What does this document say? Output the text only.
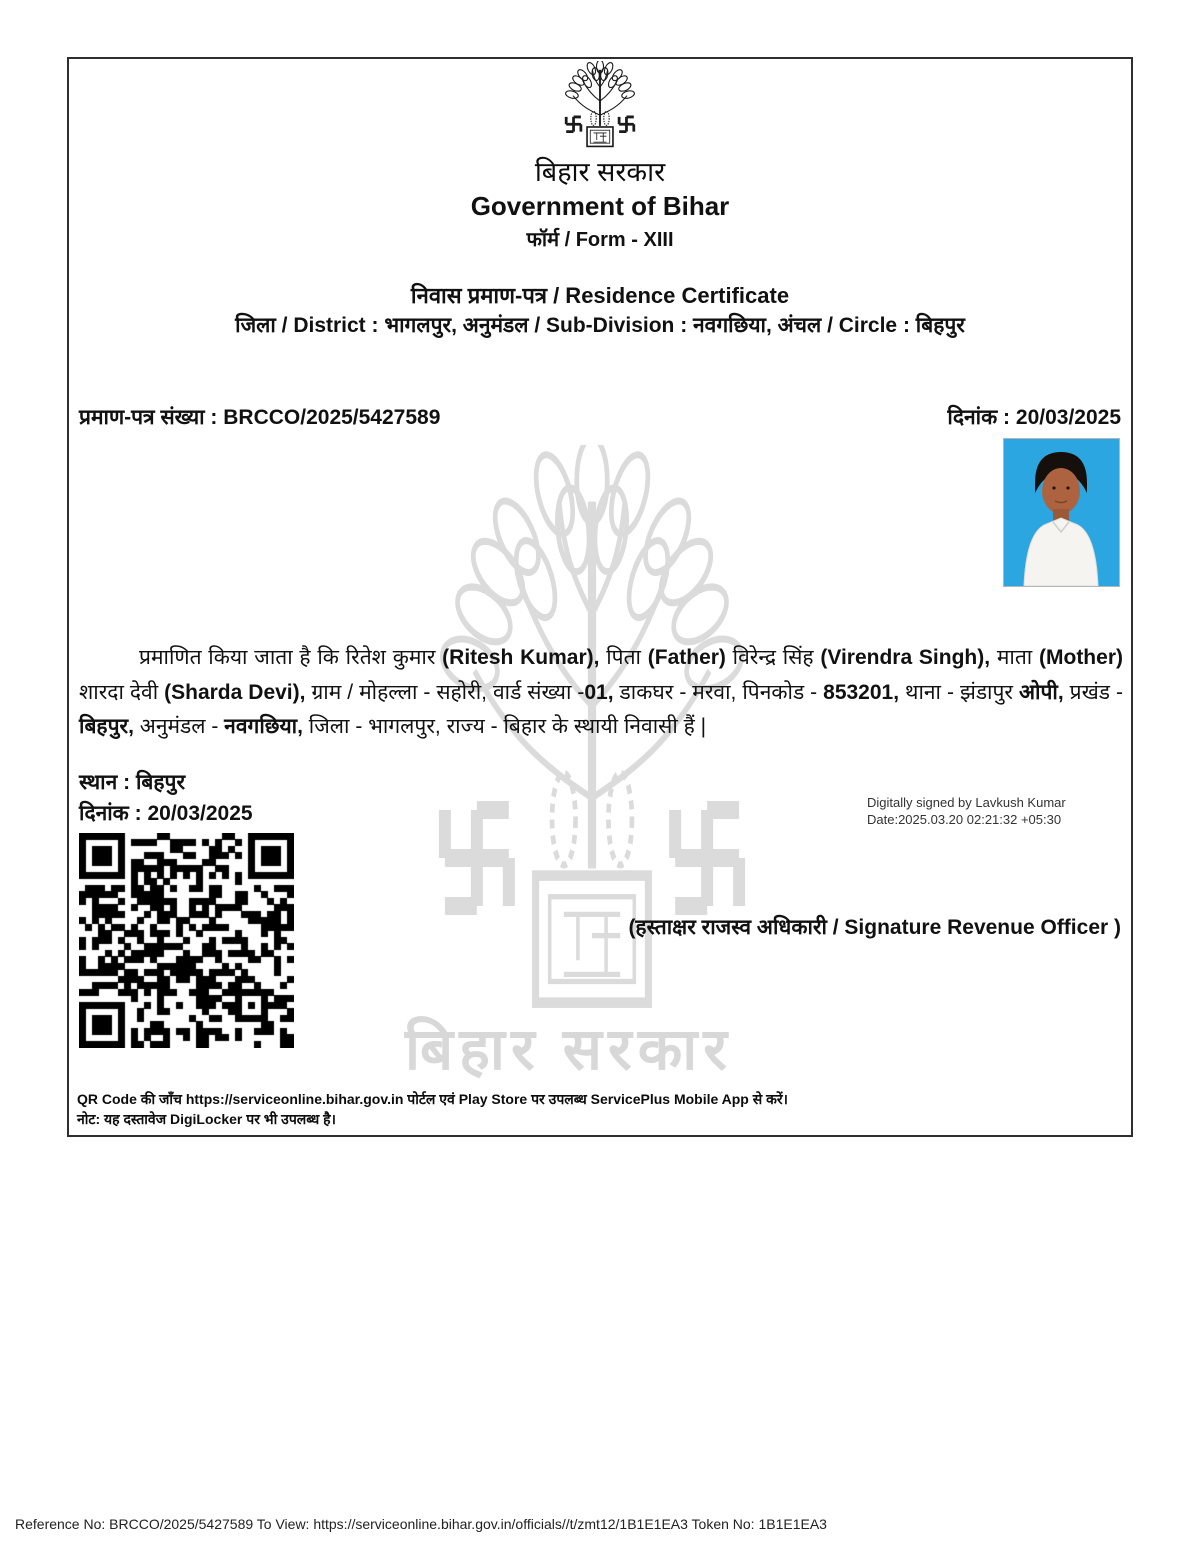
बिहार सरकार
बिहार सरकार
Government of Bihar
फॉर्म / Form - XIII
निवास प्रमाण-पत्र / Residence Certificate
जिला / District : भागलपुर, अनुमंडल / Sub-Division : नवगछिया, अंचल / Circle : बिहपुर
प्रमाण-पत्र संख्या : BRCCO/2025/5427589	दिनांक : 20/03/2025

प्रमाणित किया जाता है कि रितेश कुमार (Ritesh Kumar), पिता (Father) विरेन्द्र सिंह (Virendra Singh), माता (Mother) शारदा देवी (Sharda Devi), ग्राम / मोहल्ला - सहोरी, वार्ड संख्या -01, डाकघर - मरवा, पिनकोड - 853201, थाना - झंडापुर ओपी, प्रखंड - बिहपुर, अनुमंडल - नवगछिया, जिला - भागलपुर, राज्य - बिहार के स्थायी निवासी हैं |

स्थान : बिहपुर
दिनांक : 20/03/2025	Digitally signed by Lavkush Kumar
Date:2025.03.20 02:21:32 +05:30
(हस्ताक्षर राजस्व अधिकारी / Signature Revenue Officer )
QR Code की जाँच https://serviceonline.bihar.gov.in पोर्टल एवं Play Store पर उपलब्ध ServicePlus Mobile App से करें।
नोट: यह दस्तावेज DigiLocker पर भी उपलब्ध है।
Reference No: BRCCO/2025/5427589 To View: https://serviceonline.bihar.gov.in/officials//t/zmt12/1B1E1EA3 Token No: 1B1E1EA3
